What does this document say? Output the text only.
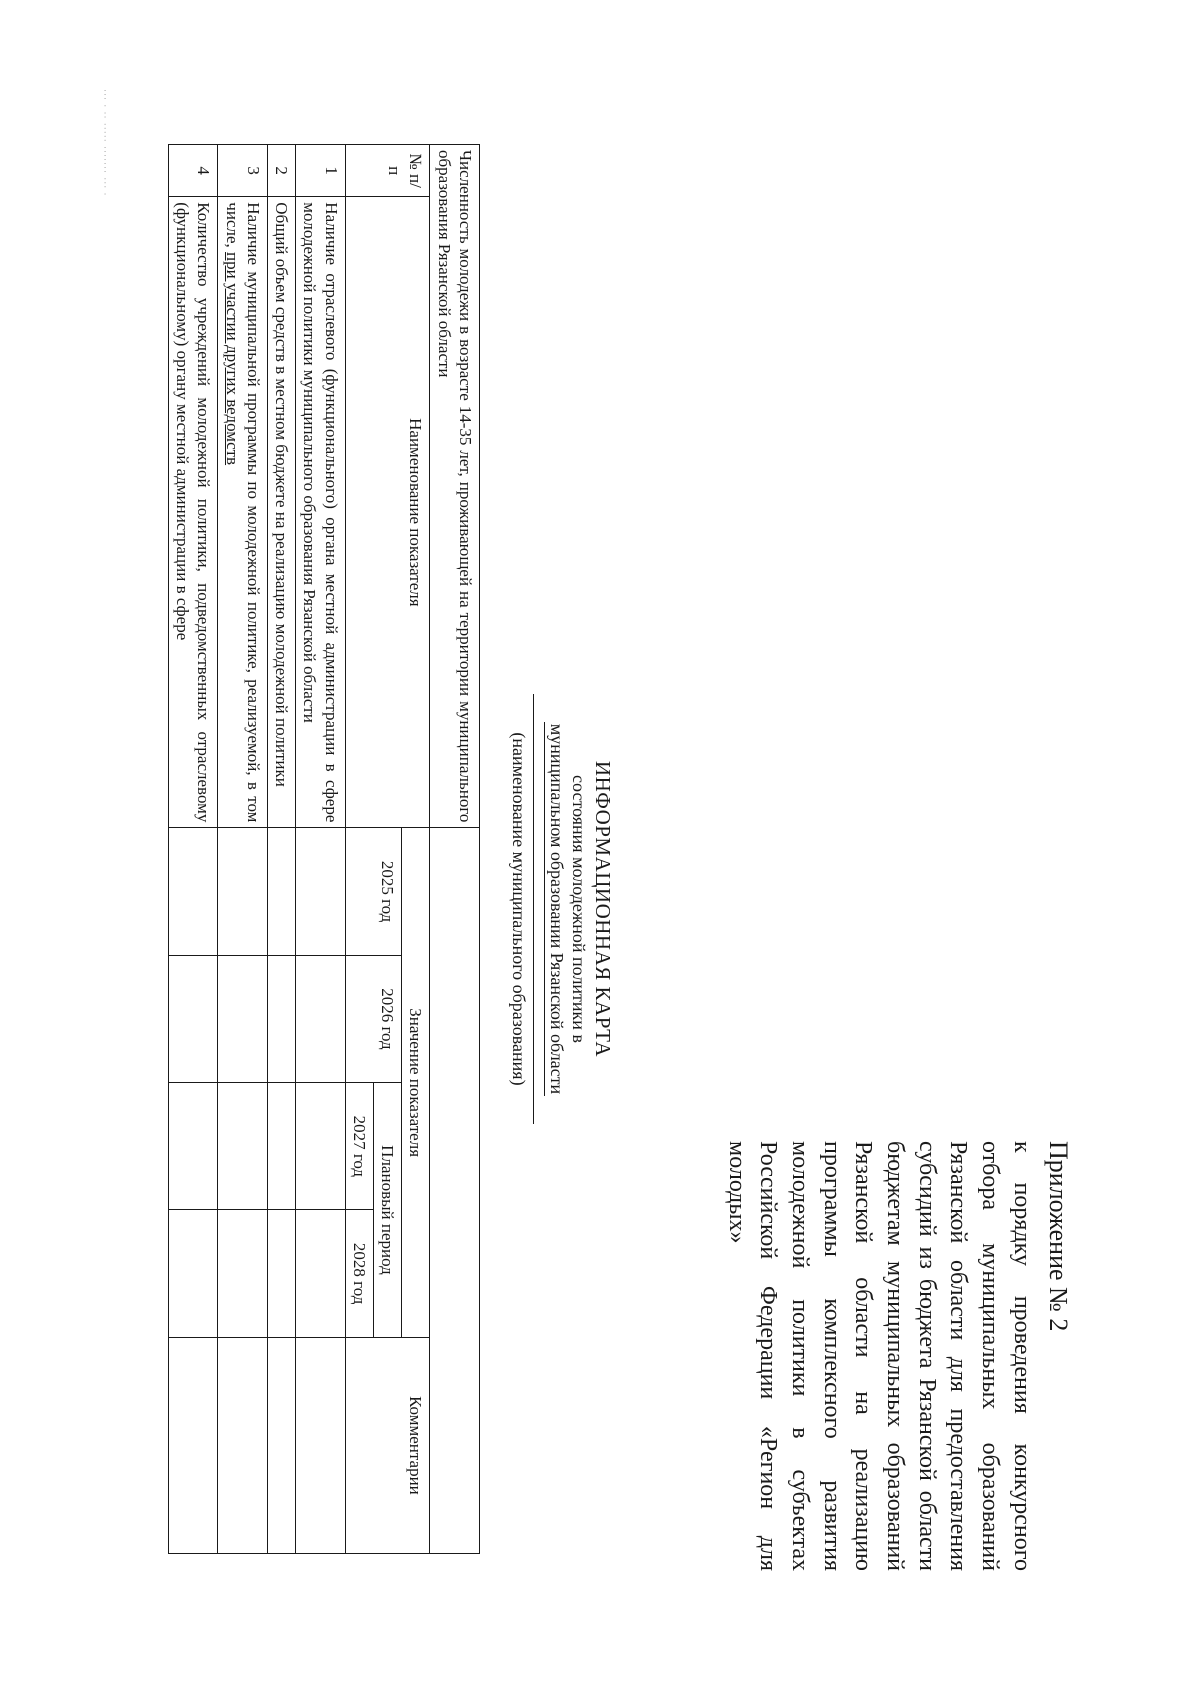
Приложение № 2
к порядку проведения конкурсного отбора муниципальных образований Рязанской области для предоставления субсидий из бюджета Рязанской области бюджетам муниципальных образований Рязанской области на реализацию программы комплексного развития молодежной политики в субъектах Российской Федерации «Регион для молодых»
ИНФОРМАЦИОННАЯ КАРТА
состояния молодежной политики в
муниципальном образовании Рязанской области
(наименование муниципального образования)
Численность молодежи в возрасте 14-35 лет, проживающей на территории муниципального образования Рязанской области						
№ п/п	Наименование показателя	Значение показателя				Комментарии
		2025 год	2026 год	Плановый период		
				2027 год	2028 год	
1	Наличие отраслевого (функционального) органа местной администрации в сфере молодежной политики муниципального образования Рязанской области					
2	Общий объем средств в местном бюджете на реализацию молодежной политики					
3	Наличие муниципальной программы по молодежной политике, реализуемой, в том числе, при участии других ведомств					
4	Количество учреждений молодежной политики, подведомственных отраслевому (функциональному) органу местной администрации в сфере					
··· · ·· ····· ······· ··· ·
